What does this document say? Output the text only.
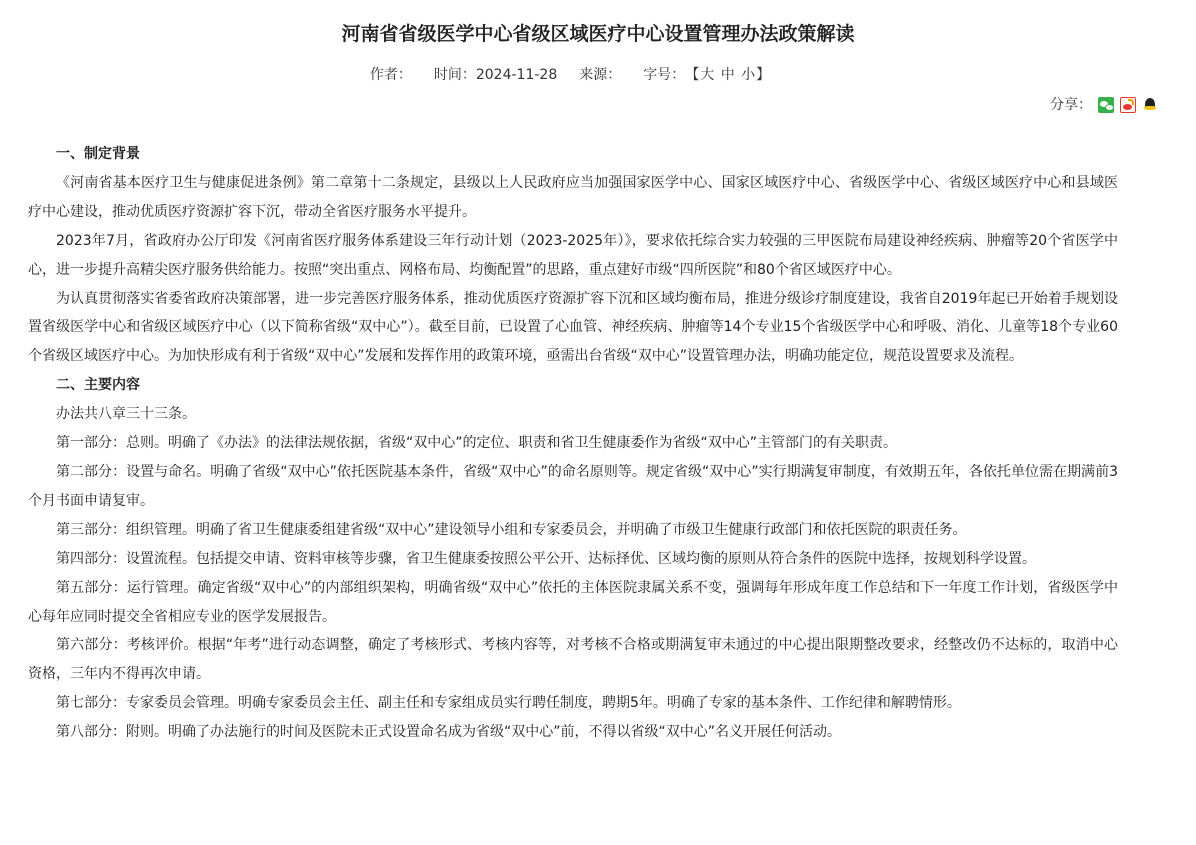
河南省省级医学中心省级区域医疗中心设置管理办法政策解读
作者： 时间：2024-11-28 来源： 字号：【大 中 小】
分享：

一、制定背景

《河南省基本医疗卫生与健康促进条例》第二章第十二条规定，县级以上人民政府应当加强国家医学中心、国家区域医疗中心、省级医学中心、省级区域医疗中心和县域医疗中心建设，推动优质医疗资源扩容下沉，带动全省医疗服务水平提升。

2023年7月，省政府办公厅印发《河南省医疗服务体系建设三年行动计划（2023-2025年）》，要求依托综合实力较强的三甲医院布局建设神经疾病、肿瘤等20个省医学中心，进一步提升高精尖医疗服务供给能力。按照“突出重点、网格布局、均衡配置”的思路，重点建好市级“四所医院”和80个省区域医疗中心。

为认真贯彻落实省委省政府决策部署，进一步完善医疗服务体系，推动优质医疗资源扩容下沉和区域均衡布局，推进分级诊疗制度建设，我省自2019年起已开始着手规划设置省级医学中心和省级区域医疗中心（以下简称省级“双中心”）。截至目前，已设置了心血管、神经疾病、肿瘤等14个专业15个省级医学中心和呼吸、消化、儿童等18个专业60个省级区域医疗中心。为加快形成有利于省级“双中心”发展和发挥作用的政策环境，亟需出台省级“双中心”设置管理办法，明确功能定位，规范设置要求及流程。

二、主要内容

办法共八章三十三条。

第一部分：总则。明确了《办法》的法律法规依据，省级“双中心”的定位、职责和省卫生健康委作为省级“双中心”主管部门的有关职责。

第二部分：设置与命名。明确了省级“双中心”依托医院基本条件，省级“双中心”的命名原则等。规定省级“双中心”实行期满复审制度，有效期五年，各依托单位需在期满前3个月书面申请复审。

第三部分：组织管理。明确了省卫生健康委组建省级“双中心”建设领导小组和专家委员会，并明确了市级卫生健康行政部门和依托医院的职责任务。

第四部分：设置流程。包括提交申请、资料审核等步骤，省卫生健康委按照公平公开、达标择优、区域均衡的原则从符合条件的医院中选择，按规划科学设置。

第五部分：运行管理。确定省级“双中心”的内部组织架构，明确省级“双中心”依托的主体医院隶属关系不变，强调每年形成年度工作总结和下一年度工作计划，省级医学中心每年应同时提交全省相应专业的医学发展报告。

第六部分：考核评价。根据“年考”进行动态调整，确定了考核形式、考核内容等，对考核不合格或期满复审未通过的中心提出限期整改要求，经整改仍不达标的，取消中心资格，三年内不得再次申请。

第七部分：专家委员会管理。明确专家委员会主任、副主任和专家组成员实行聘任制度，聘期5年。明确了专家的基本条件、工作纪律和解聘情形。

第八部分：附则。明确了办法施行的时间及医院未正式设置命名成为省级“双中心”前，不得以省级“双中心”名义开展任何活动。
